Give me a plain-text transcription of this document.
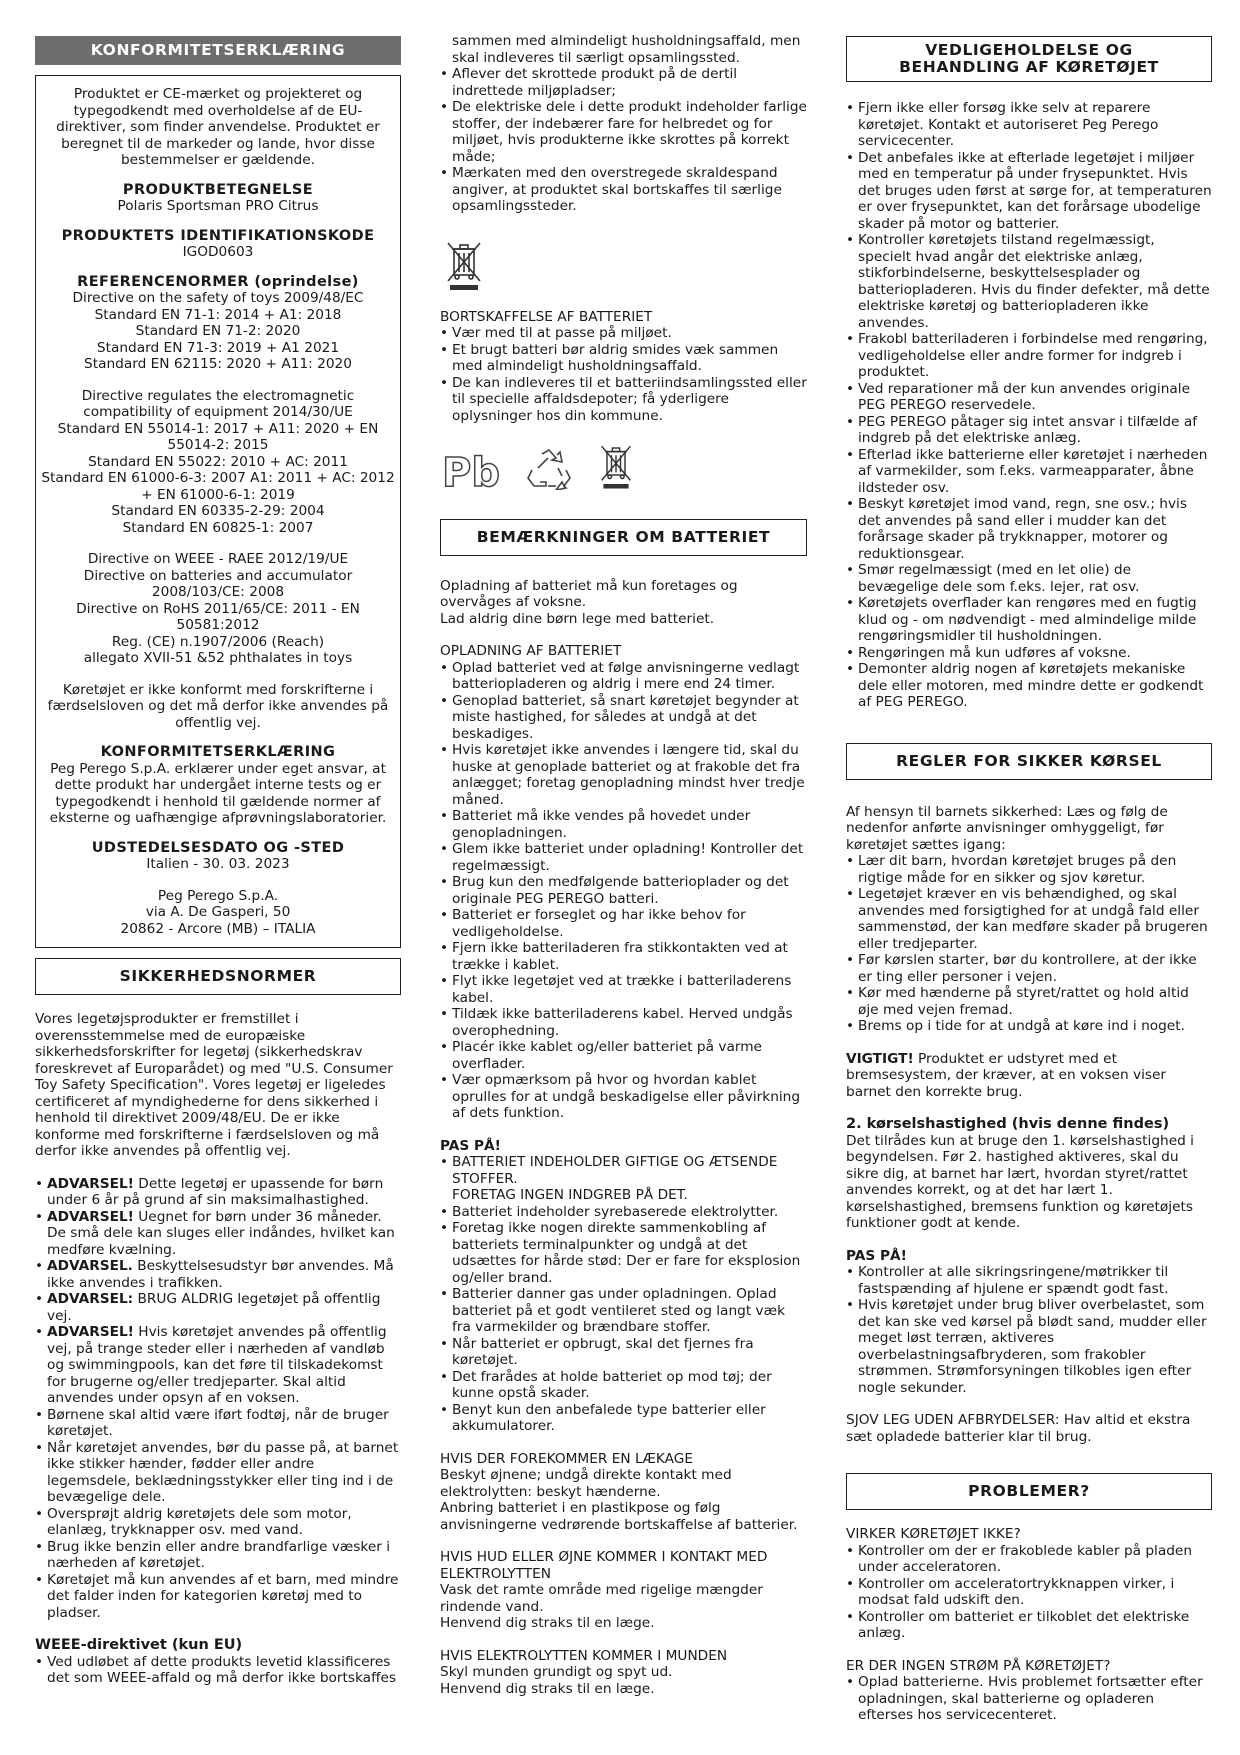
KONFORMITETSERKLÆRING

Produktet er CE-mærket og projekteret og typegodkendt med overholdelse af de EU-direktiver, som finder anvendelse. Produktet er beregnet til de markeder og lande, hvor disse bestemmelser er gældende.

PRODUKTBETEGNELSE

Polaris Sportsman PRO Citrus

PRODUKTETS IDENTIFIKATIONSKODE

IGOD0603

REFERENCENORMER (oprindelse)

Directive on the safety of toys 2009/48/EC

Standard EN 71-1: 2014 + A1: 2018

Standard EN 71-2: 2020

Standard EN 71-3: 2019 + A1 2021

Standard EN 62115: 2020 + A11: 2020

Directive regulates the electromagnetic compatibility of equipment 2014/30/UE

Standard EN 55014-1: 2017 + A11: 2020 + EN 55014-2: 2015

Standard EN 55022: 2010 + AC: 2011

Standard EN 61000-6-3: 2007 A1: 2011 + AC: 2012 + EN 61000-6-1: 2019

Standard EN 60335-2-29: 2004

Standard EN 60825-1: 2007

Directive on WEEE - RAEE 2012/19/UE

Directive on batteries and accumulator 2008/103/CE: 2008

Directive on RoHS 2011/65/CE: 2011 - EN 50581:2012

Reg. (CE) n.1907/2006 (Reach)

allegato XVII-51 &52 phthalates in toys

Køretøjet er ikke konformt med forskrifterne i færdselsloven og det må derfor ikke anvendes på offentlig vej.

KONFORMITETSERKLÆRING

Peg Perego S.p.A. erklærer under eget ansvar, at dette produkt har undergået interne tests og er typegodkendt i henhold til gældende normer af eksterne og uafhængige afprøvningslaboratorier.

UDSTEDELSESDATO OG -STED

Italien - 30. 03. 2023

Peg Perego S.p.A.

via A. De Gasperi, 50

20862 - Arcore (MB) – ITALIA

SIKKERHEDSNORMER

Vores legetøjsprodukter er fremstillet i overensstemmelse med de europæiske sikkerhedsforskrifter for legetøj (sikkerhedskrav foreskrevet af Europarådet) og med "U.S. Consumer Toy Safety Specification". Vores legetøj er ligeledes certificeret af myndighederne for dens sikkerhed i henhold til direktivet 2009/48/EU. De er ikke konforme med forskrifterne i færdselsloven og må derfor ikke anvendes på offentlig vej.

• ADVARSEL! Dette legetøj er upassende for børn under 6 år på grund af sin maksimalhastighed.
• ADVARSEL! Uegnet for børn under 36 måneder. De små dele kan sluges eller indåndes, hvilket kan medføre kvælning.
• ADVARSEL. Beskyttelsesudstyr bør anvendes. Må ikke anvendes i trafikken.
• ADVARSEL: BRUG ALDRIG legetøjet på offentlig vej.
• ADVARSEL! Hvis køretøjet anvendes på offentlig vej, på trange steder eller i nærheden af vandløb og swimmingpools, kan det føre til tilskadekomst for brugerne og/eller tredjeparter. Skal altid anvendes under opsyn af en voksen.
• Børnene skal altid være iført fodtøj, når de bruger køretøjet.
• Når køretøjet anvendes, bør du passe på, at barnet ikke stikker hænder, fødder eller andre legemsdele, beklædningsstykker eller ting ind i de bevægelige dele.
• Oversprøjt aldrig køretøjets dele som motor, elanlæg, trykknapper osv. med vand.
• Brug ikke benzin eller andre brandfarlige væsker i nærheden af køretøjet.
• Køretøjet må kun anvendes af et barn, med mindre det falder inden for kategorien køretøj med to pladser.

WEEE-direktivet (kun EU)

• Ved udløbet af dette produkts levetid klassificeres det som WEEE-affald og må derfor ikke bortskaffes

sammen med almindeligt husholdningsaffald, men skal indleveres til særligt opsamlingssted.

• Aflever det skrottede produkt på de dertil indrettede miljøpladser;
• De elektriske dele i dette produkt indeholder farlige stoffer, der indebærer fare for helbredet og for miljøet, hvis produkterne ikke skrottes på korrekt måde;
• Mærkaten med den overstregede skraldespand angiver, at produktet skal bortskaffes til særlige opsamlingssteder.

BORTSKAFFELSE AF BATTERIET

• Vær med til at passe på miljøet.
• Et brugt batteri bør aldrig smides væk sammen med almindeligt husholdningsaffald.
• De kan indleveres til et batteriindsamlingssted eller til specielle affaldsdepoter; få yderligere oplysninger hos din kommune.
Pb
BEMÆRKNINGER OM BATTERIET

Opladning af batteriet må kun foretages og overvåges af voksne.

Lad aldrig dine børn lege med batteriet.

OPLADNING AF BATTERIET

• Oplad batteriet ved at følge anvisningerne vedlagt batteriopladeren og aldrig i mere end 24 timer.
• Genoplad batteriet, så snart køretøjet begynder at miste hastighed, for således at undgå at det beskadiges.
• Hvis køretøjet ikke anvendes i længere tid, skal du huske at genoplade batteriet og at frakoble det fra anlægget; foretag genopladning mindst hver tredje måned.
• Batteriet må ikke vendes på hovedet under genopladningen.
• Glem ikke batteriet under opladning! Kontroller det regelmæssigt.
• Brug kun den medfølgende batterioplader og det originale PEG PEREGO batteri.
• Batteriet er forseglet og har ikke behov for vedligeholdelse.
• Fjern ikke batteriladeren fra stikkontakten ved at trække i kablet.
• Flyt ikke legetøjet ved at trække i batteriladerens kabel.
• Tildæk ikke batteriladerens kabel. Herved undgås overophedning.
• Placér ikke kablet og/eller batteriet på varme overflader.
• Vær opmærksom på hvor og hvordan kablet oprulles for at undgå beskadigelse eller påvirkning af dets funktion.

PAS PÅ!

• BATTERIET INDEHOLDER GIFTIGE OG ÆTSENDE STOFFER.
FORETAG INGEN INDGREB PÅ DET.
• Batteriet indeholder syrebaserede elektrolytter.
• Foretag ikke nogen direkte sammenkobling af batteriets terminalpunkter og undgå at det udsættes for hårde stød: Der er fare for eksplosion og/eller brand.
• Batterier danner gas under opladningen. Oplad batteriet på et godt ventileret sted og langt væk fra varmekilder og brændbare stoffer.
• Når batteriet er opbrugt, skal det fjernes fra køretøjet.
• Det frarådes at holde batteriet op mod tøj; der kunne opstå skader.
• Benyt kun den anbefalede type batterier eller akkumulatorer.

HVIS DER FOREKOMMER EN LÆKAGE

Beskyt øjnene; undgå direkte kontakt med elektrolytten: beskyt hænderne.

Anbring batteriet i en plastikpose og følg anvisningerne vedrørende bortskaffelse af batterier.

HVIS HUD ELLER ØJNE KOMMER I KONTAKT MED ELEKTROLYTTEN

Vask det ramte område med rigelige mængder rindende vand.

Henvend dig straks til en læge.

HVIS ELEKTROLYTTEN KOMMER I MUNDEN

Skyl munden grundigt og spyt ud.

Henvend dig straks til en læge.

VEDLIGEHOLDELSE OG BEHANDLING AF KØRETØJET
• Fjern ikke eller forsøg ikke selv at reparere køretøjet. Kontakt et autoriseret Peg Perego servicecenter.
• Det anbefales ikke at efterlade legetøjet i miljøer med en temperatur på under frysepunktet. Hvis det bruges uden først at sørge for, at temperaturen er over frysepunktet, kan det forårsage ubodelige skader på motor og batterier.
• Kontroller køretøjets tilstand regelmæssigt, specielt hvad angår det elektriske anlæg, stikforbindelserne, beskyttelsesplader og batteriopladeren. Hvis du finder defekter, må dette elektriske køretøj og batteriopladeren ikke anvendes.
• Frakobl batteriladeren i forbindelse med rengøring, vedligeholdelse eller andre former for indgreb i produktet.
• Ved reparationer må der kun anvendes originale PEG PEREGO reservedele.
• PEG PEREGO påtager sig intet ansvar i tilfælde af indgreb på det elektriske anlæg.
• Efterlad ikke batterierne eller køretøjet i nærheden af varmekilder, som f.eks. varmeapparater, åbne ildsteder osv.
• Beskyt køretøjet imod vand, regn, sne osv.; hvis det anvendes på sand eller i mudder kan det forårsage skader på trykknapper, motorer og reduktionsgear.
• Smør regelmæssigt (med en let olie) de bevægelige dele som f.eks. lejer, rat osv.
• Køretøjets overflader kan rengøres med en fugtig klud og - om nødvendigt - med almindelige milde rengøringsmidler til husholdningen.
• Rengøringen må kun udføres af voksne.
• Demonter aldrig nogen af køretøjets mekaniske dele eller motoren, med mindre dette er godkendt af PEG PEREGO.
REGLER FOR SIKKER KØRSEL

Af hensyn til barnets sikkerhed: Læs og følg de nedenfor anførte anvisninger omhyggeligt, før køretøjet sættes igang:

• Lær dit barn, hvordan køretøjet bruges på den rigtige måde for en sikker og sjov køretur.
• Legetøjet kræver en vis behændighed, og skal anvendes med forsigtighed for at undgå fald eller sammenstød, der kan medføre skader på brugeren eller tredjeparter.
• Før kørslen starter, bør du kontrollere, at der ikke er ting eller personer i vejen.
• Kør med hænderne på styret/rattet og hold altid øje med vejen fremad.
• Brems op i tide for at undgå at køre ind i noget.

VIGTIGT! Produktet er udstyret med et bremsesystem, der kræver, at en voksen viser barnet den korrekte brug.

2. kørselshastighed (hvis denne findes)

Det tilrådes kun at bruge den 1. kørselshastighed i begyndelsen. Før 2. hastighed aktiveres, skal du sikre dig, at barnet har lært, hvordan styret/rattet anvendes korrekt, og at det har lært 1. kørselshastighed, bremsens funktion og køretøjets funktioner godt at kende.

PAS PÅ!

• Kontroller at alle sikringsringene/møtrikker til fastspænding af hjulene er spændt godt fast.
• Hvis køretøjet under brug bliver overbelastet, som det kan ske ved kørsel på blødt sand, mudder eller meget løst terræn, aktiveres overbelastningsafbryderen, som frakobler strømmen. Strømforsyningen tilkobles igen efter nogle sekunder.

SJOV LEG UDEN AFBRYDELSER: Hav altid et ekstra sæt opladede batterier klar til brug.

PROBLEMER?

VIRKER KØRETØJET IKKE?

• Kontroller om der er frakoblede kabler på pladen under acceleratoren.
• Kontroller om acceleratortrykknappen virker, i modsat fald udskift den.
• Kontroller om batteriet er tilkoblet det elektriske anlæg.

ER DER INGEN STRØM PÅ KØRETØJET?

• Oplad batterierne. Hvis problemet fortsætter efter opladningen, skal batterierne og opladeren efterses hos servicecenteret.
